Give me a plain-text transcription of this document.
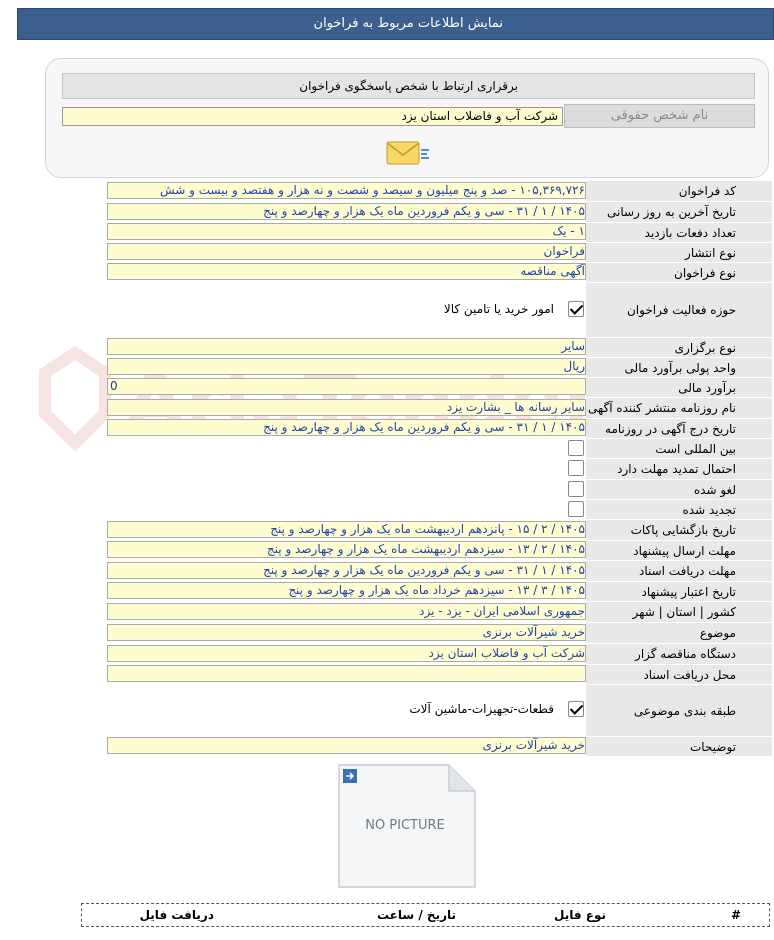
نمایش اطلاعات مربوط به فراخوان
برقراری ارتباط با شخص پاسخگوی فراخوان
شرکت آب و فاضلاب استان یزد	نام شخص حقوقی
کد فراخوان
۱۰۵,۳۶۹,۷۲۶ - صد و پنج میلیون و سیصد و شصت و نه هزار و هفتصد و بیست و شش
تاریخ آخرین به روز رسانی
۱۴۰۵ / ۱ / ۳۱ - سی و یکم فروردین ماه یک هزار و چهارصد و پنج
تعداد دفعات بازدید
۱ - یک
نوع انتشار
فراخوان
نوع فراخوان
آگهی مناقصه
حوزه فعالیت فراخوان
امور خرید یا تامین کالا
نوع برگزاری
سایر
واحد پولی برآورد مالی
ریال
برآورد مالی
0
نام روزنامه منتشر کننده آگهی
سایر رسانه ها _ بشارت یزد
تاریخ درج آگهی در روزنامه
۱۴۰۵ / ۱ / ۳۱ - سی و یکم فروردین ماه یک هزار و چهارصد و پنج
بین المللی است
احتمال تمدید مهلت دارد
لغو شده
تجدید شده
تاریخ بازگشایی پاکات
۱۴۰۵ / ۲ / ۱۵ - پانزدهم اردیبهشت ماه یک هزار و چهارصد و پنج
مهلت ارسال پیشنهاد
۱۴۰۵ / ۲ / ۱۳ - سیزدهم اردیبهشت ماه یک هزار و چهارصد و پنج
مهلت دریافت اسناد
۱۴۰۵ / ۱ / ۳۱ - سی و یکم فروردین ماه یک هزار و چهارصد و پنج
تاریخ اعتبار پیشنهاد
۱۴۰۵ / ۳ / ۱۳ - سیزدهم خرداد ماه یک هزار و چهارصد و پنج
کشور | استان | شهر
جمهوری اسلامی ایران - یزد - یزد
موضوع
خرید شیرآلات برنزی
دستگاه مناقصه گزار
شرکت آب و فاضلاب استان یزد
محل دریافت اسناد
طبقه بندی موضوعی
قطعات-تجهیزات-ماشین آلات
توضیحات
خرید شیرآلات برنزی
NO PICTURE
#
نوع فایل
تاریخ / ساعت
دریافت فایل
